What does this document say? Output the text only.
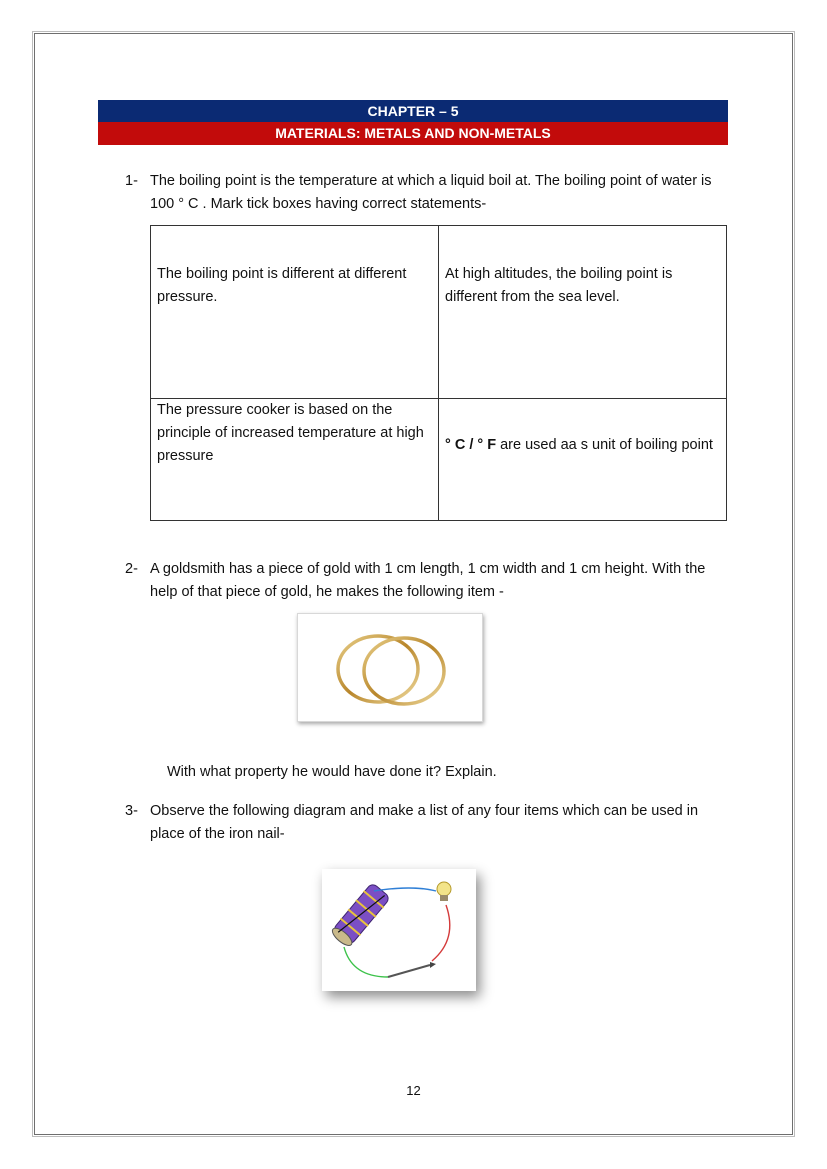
CHAPTER – 5
MATERIALS: METALS AND NON-METALS
1- The boiling point is the temperature at which a liquid boil at. The boiling point of water is 100 ° C . Mark tick boxes having correct statements-
The boiling point is different at different pressure.	At high altitudes, the boiling point is different from the sea level.

The pressure cooker is based on the principle of increased temperature at high pressure	° C / ° F are used aa s unit of boiling point
2- A goldsmith has a piece of gold with 1 cm length, 1 cm width and 1 cm height. With the help of that piece of gold, he makes the following item -
With what property he would have done it? Explain.
3- Observe the following diagram and make a list of any four items which can be used in place of the iron nail-
12
